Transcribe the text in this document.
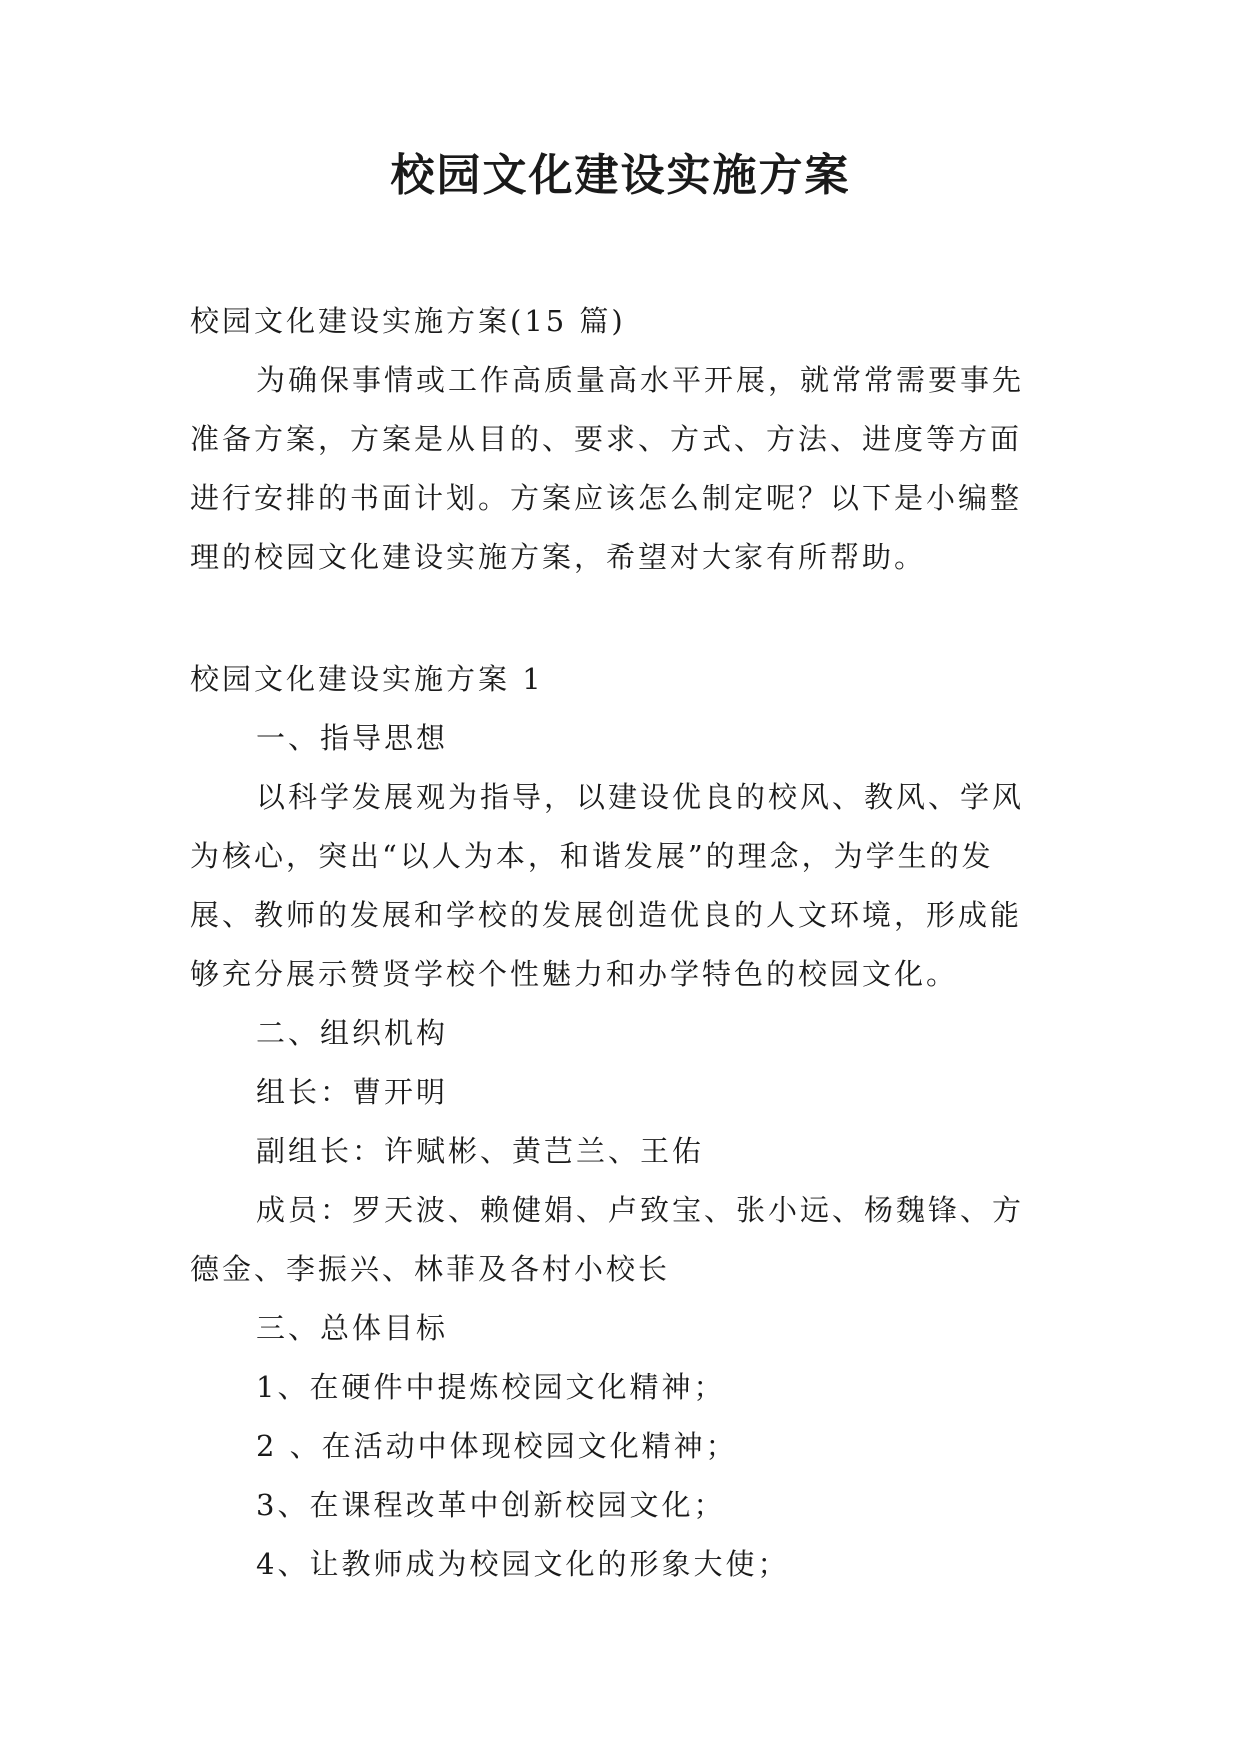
校园文化建设实施方案

校园文化建设实施方案(15 篇)

为确保事情或工作高质量高水平开展，就常常需要事先

准备方案，方案是从目的、要求、方式、方法、进度等方面

进行安排的书面计划。方案应该怎么制定呢？以下是小编整

理的校园文化建设实施方案，希望对大家有所帮助。

校园文化建设实施方案 1

一、指导思想

以科学发展观为指导，以建设优良的校风、教风、学风

为核心，突出“以人为本，和谐发展”的理念，为学生的发

展、教师的发展和学校的发展创造优良的人文环境，形成能

够充分展示赞贤学校个性魅力和办学特色的校园文化。

二、组织机构

组长：曹开明

副组长：许赋彬、黄芑兰、王佑

成员：罗天波、赖健娟、卢致宝、张小远、杨魏锋、方

德金、李振兴、林菲及各村小校长

三、总体目标

1、在硬件中提炼校园文化精神；

2 、在活动中体现校园文化精神；

3、在课程改革中创新校园文化；

4、让教师成为校园文化的形象大使；
